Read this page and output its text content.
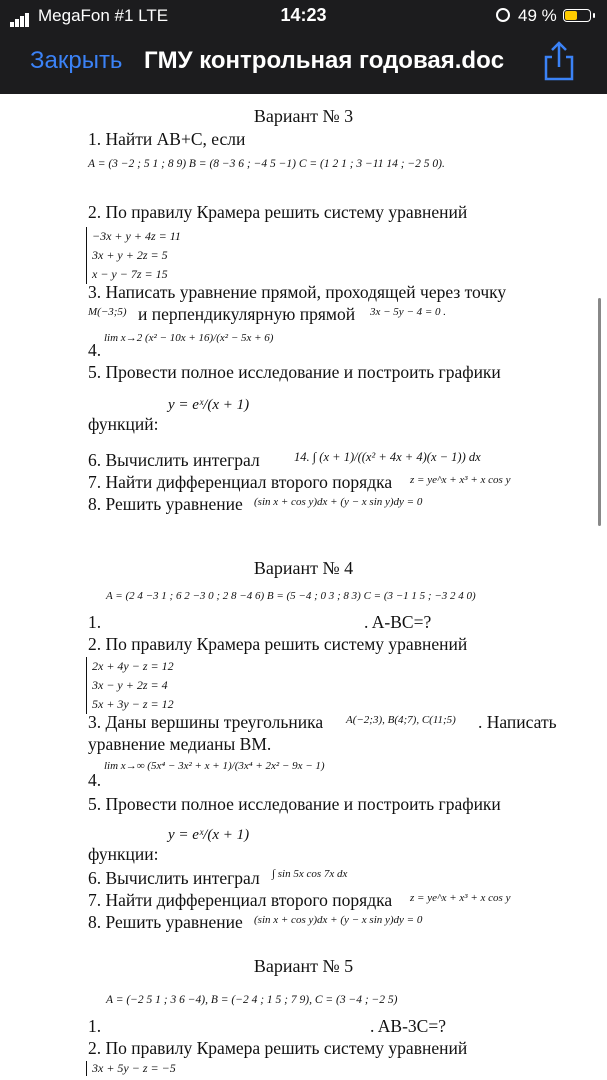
MegaFon #1 LTE	14:23	49 %
Закрыть ГМУ контрольная годовая.doc
Вариант № 3
1. Найти AB+C, если
A = (3 −2 ; 5 1 ; 8 9) B = (8 −3 6 ; −4 5 −1) C = (1 2 1 ; 3 −11 14 ; −2 5 0).
2. По правилу Крамера решить систему уравнений
−3x + y + 4z = 11
3x + y + 2z = 5
x − y − 7z = 15
3. Написать уравнение прямой, проходящей через точку
M(−3;5) и перпендикулярную прямой 3x − 5y − 4 = 0 .
4.
lim x→2 (x² − 10x + 16)/(x² − 5x + 6)
5. Провести полное исследование и построить графики
функций:
y = eˣ/(x + 1)
6. Вычислить интеграл	14. ∫ (x + 1)/((x² + 4x + 4)(x − 1)) dx
7. Найти дифференциал второго порядка z = ye^x + x³ + x cos y
8. Решить уравнение (sin x + cos y)dx + (y − x sin y)dy = 0
Вариант № 4
A = (2 4 −3 1 ; 6 2 −3 0 ; 2 8 −4 6) B = (5 −4 ; 0 3 ; 8 3) C = (3 −1 1 5 ; −3 2 4 0)
1.	. A-BC=?
2. По правилу Крамера решить систему уравнений
2x + 4y − z = 12
3x − y + 2z = 4
5x + 3y − z = 12
3. Даны вершины треугольника A(−2;3), B(4;7), C(11;5) . Написать
уравнение медианы BM.
4.
lim x→∞ (5x⁴ − 3x² + x + 1)/(3x⁴ + 2x² − 9x − 1)
5. Провести полное исследование и построить графики
функции:
y = eˣ/(x + 1)
6. Вычислить интеграл ∫ sin 5x cos 7x dx
7. Найти дифференциал второго порядка z = ye^x + x³ + x cos y
8. Решить уравнение (sin x + cos y)dx + (y − x sin y)dy = 0
Вариант № 5
A = (−2 5 1 ; 3 6 −4), B = (−2 4 ; 1 5 ; 7 9), C = (3 −4 ; −2 5)
1.	. AB-3C=?
2. По правилу Крамера решить систему уравнений
3x + 5y − z = −5
